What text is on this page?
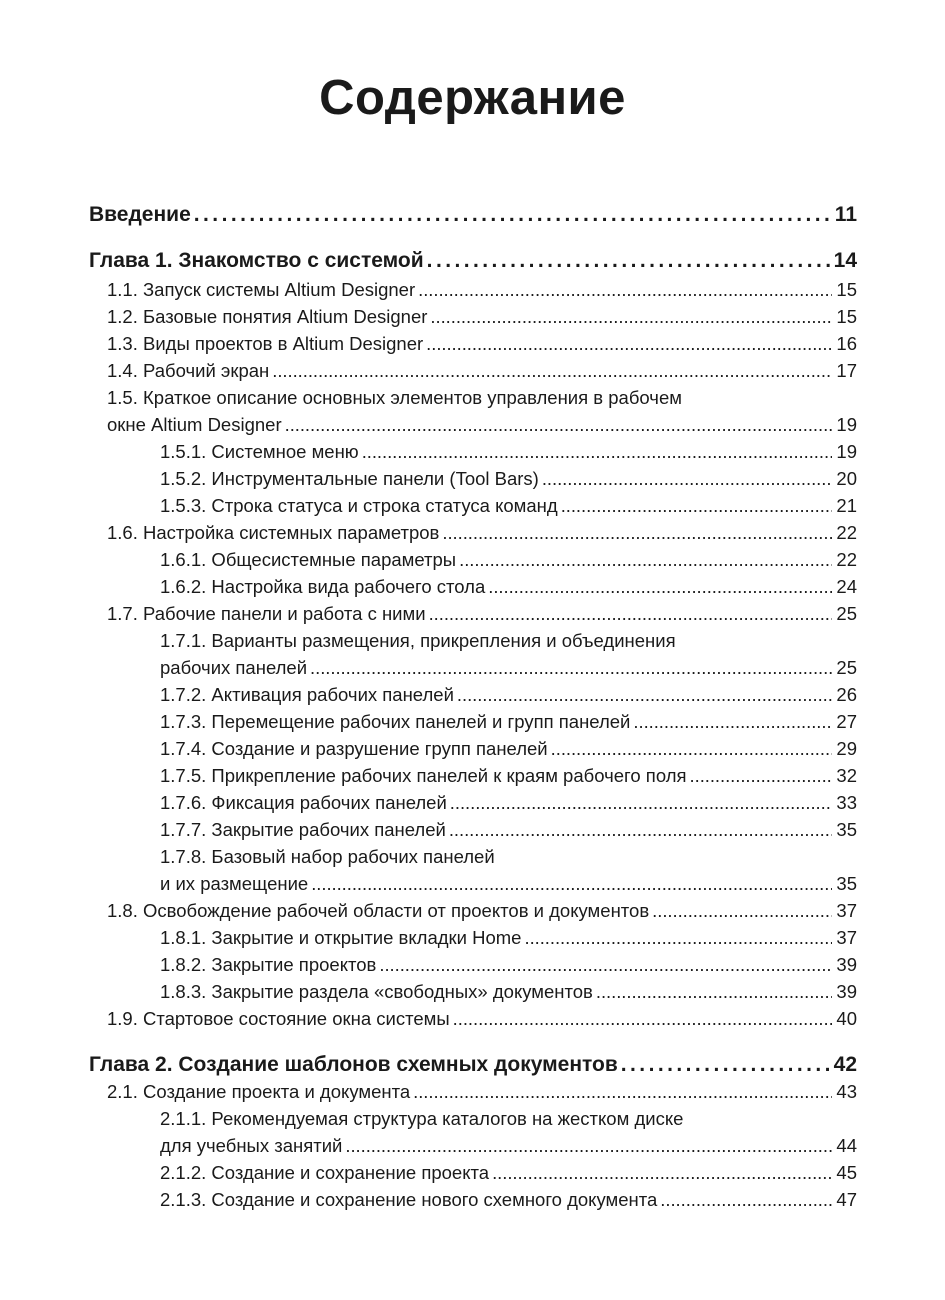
Содержание
Введение . . .	11
Глава 1. Знакомство с системой . . .	14
1.1. Запуск системы Altium Designer . . .	15
1.2. Базовые понятия Altium Designer . . .	15
1.3. Виды проектов в Altium Designer . . .	16
1.4. Рабочий экран . . .	17
1.5. Краткое описание основных элементов управления в рабочем
окне Altium Designer . . .	19
1.5.1. Системное меню . . .	19
1.5.2. Инструментальные панели (Tool Bars) . . .	20
1.5.3. Строка статуса и строка статуса команд . . .	21
1.6. Настройка системных параметров . . .	22
1.6.1. Общесистемные параметры . . .	22
1.6.2. Настройка вида рабочего стола . . .	24
1.7. Рабочие панели и работа с ними . . .	25
1.7.1. Варианты размещения, прикрепления и объединения
рабочих панелей . . .	25
1.7.2. Активация рабочих панелей . . .	26
1.7.3. Перемещение рабочих панелей и групп панелей . . .	27
1.7.4. Создание и разрушение групп панелей . . .	29
1.7.5. Прикрепление рабочих панелей к краям рабочего поля . . .	32
1.7.6. Фиксация рабочих панелей . . .	33
1.7.7. Закрытие рабочих панелей . . .	35
1.7.8. Базовый набор рабочих панелей
и их размещение . . .	35
1.8. Освобождение рабочей области от проектов и документов . . .	37
1.8.1. Закрытие и открытие вкладки Home . . .	37
1.8.2. Закрытие проектов . . .	39
1.8.3. Закрытие раздела «свободных» документов . . .	39
1.9. Стартовое состояние окна системы . . .	40
Глава 2. Создание шаблонов схемных документов . . .	42
2.1. Создание проекта и документа . . .	43
2.1.1. Рекомендуемая структура каталогов на жестком диске
для учебных занятий . . .	44
2.1.2. Создание и сохранение проекта . . .	45
2.1.3. Создание и сохранение нового схемного документа . . .	47
